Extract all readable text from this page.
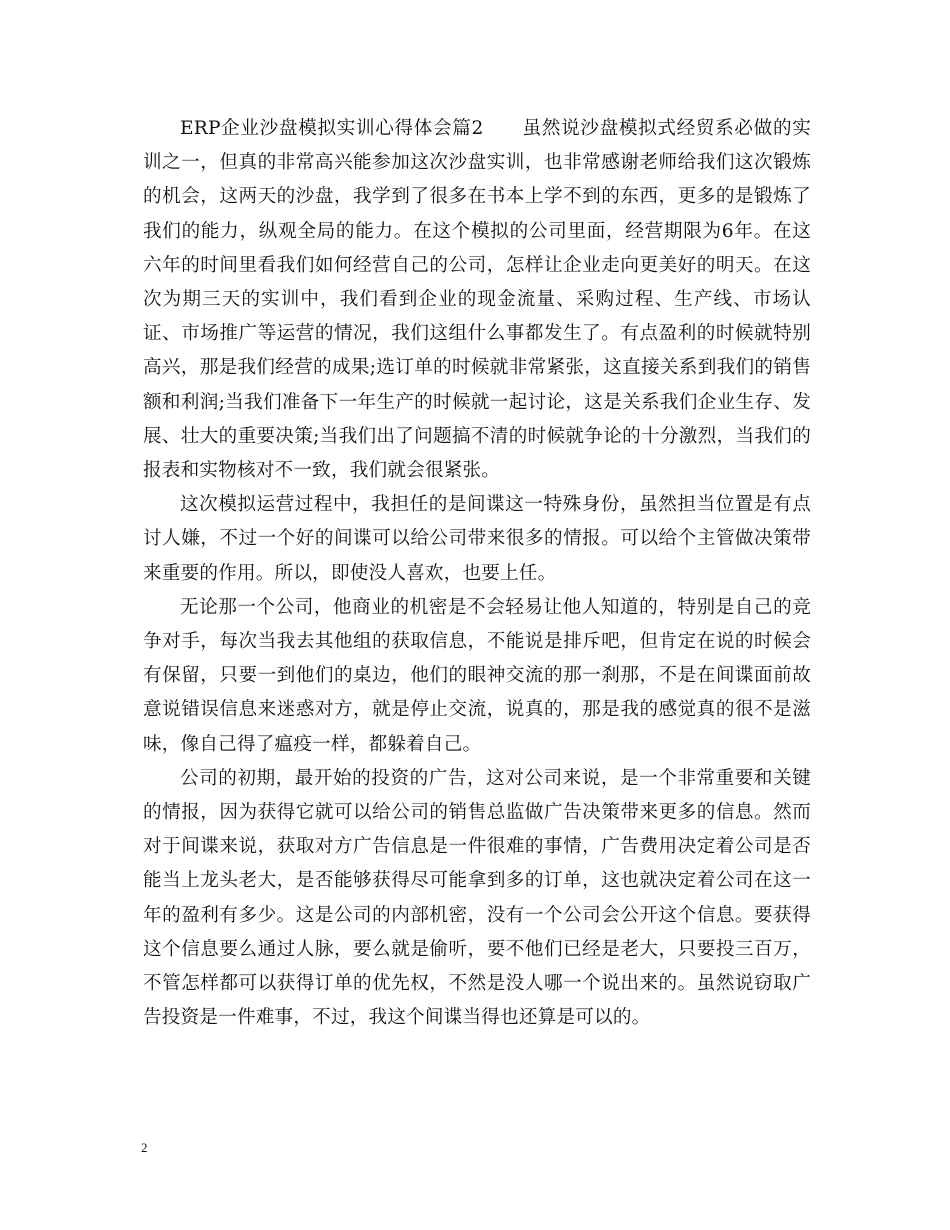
ERP企业沙盘模拟实训心得体会篇2　　虽然说沙盘模拟式经贸系必做的实训之一，但真的非常高兴能参加这次沙盘实训，也非常感谢老师给我们这次锻炼的机会，这两天的沙盘，我学到了很多在书本上学不到的东西，更多的是锻炼了我们的能力，纵观全局的能力。在这个模拟的公司里面，经营期限为6年。在这六年的时间里看我们如何经营自己的公司，怎样让企业走向更美好的明天。在这次为期三天的实训中，我们看到企业的现金流量、采购过程、生产线、市场认证、市场推广等运营的情况，我们这组什么事都发生了。有点盈利的时候就特别高兴，那是我们经营的成果;选订单的时候就非常紧张，这直接关系到我们的销售额和利润;当我们准备下一年生产的时候就一起讨论，这是关系我们企业生存、发展、壮大的重要决策;当我们出了问题搞不清的时候就争论的十分激烈，当我们的报表和实物核对不一致，我们就会很紧张。

这次模拟运营过程中，我担任的是间谍这一特殊身份，虽然担当位置是有点讨人嫌，不过一个好的间谍可以给公司带来很多的情报。可以给个主管做决策带来重要的作用。所以，即使没人喜欢，也要上任。

无论那一个公司，他商业的机密是不会轻易让他人知道的，特别是自己的竞争对手，每次当我去其他组的获取信息，不能说是排斥吧，但肯定在说的时候会有保留，只要一到他们的桌边，他们的眼神交流的那一刹那，不是在间谍面前故意说错误信息来迷惑对方，就是停止交流，说真的，那是我的感觉真的很不是滋味，像自己得了瘟疫一样，都躲着自己。

公司的初期，最开始的投资的广告，这对公司来说，是一个非常重要和关键的情报，因为获得它就可以给公司的销售总监做广告决策带来更多的信息。然而对于间谍来说，获取对方广告信息是一件很难的事情，广告费用决定着公司是否能当上龙头老大，是否能够获得尽可能拿到多的订单，这也就决定着公司在这一年的盈利有多少。这是公司的内部机密，没有一个公司会公开这个信息。要获得这个信息要么通过人脉，要么就是偷听，要不他们已经是老大，只要投三百万，不管怎样都可以获得订单的优先权，不然是没人哪一个说出来的。虽然说窃取广告投资是一件难事，不过，我这个间谍当得也还算是可以的。

2
